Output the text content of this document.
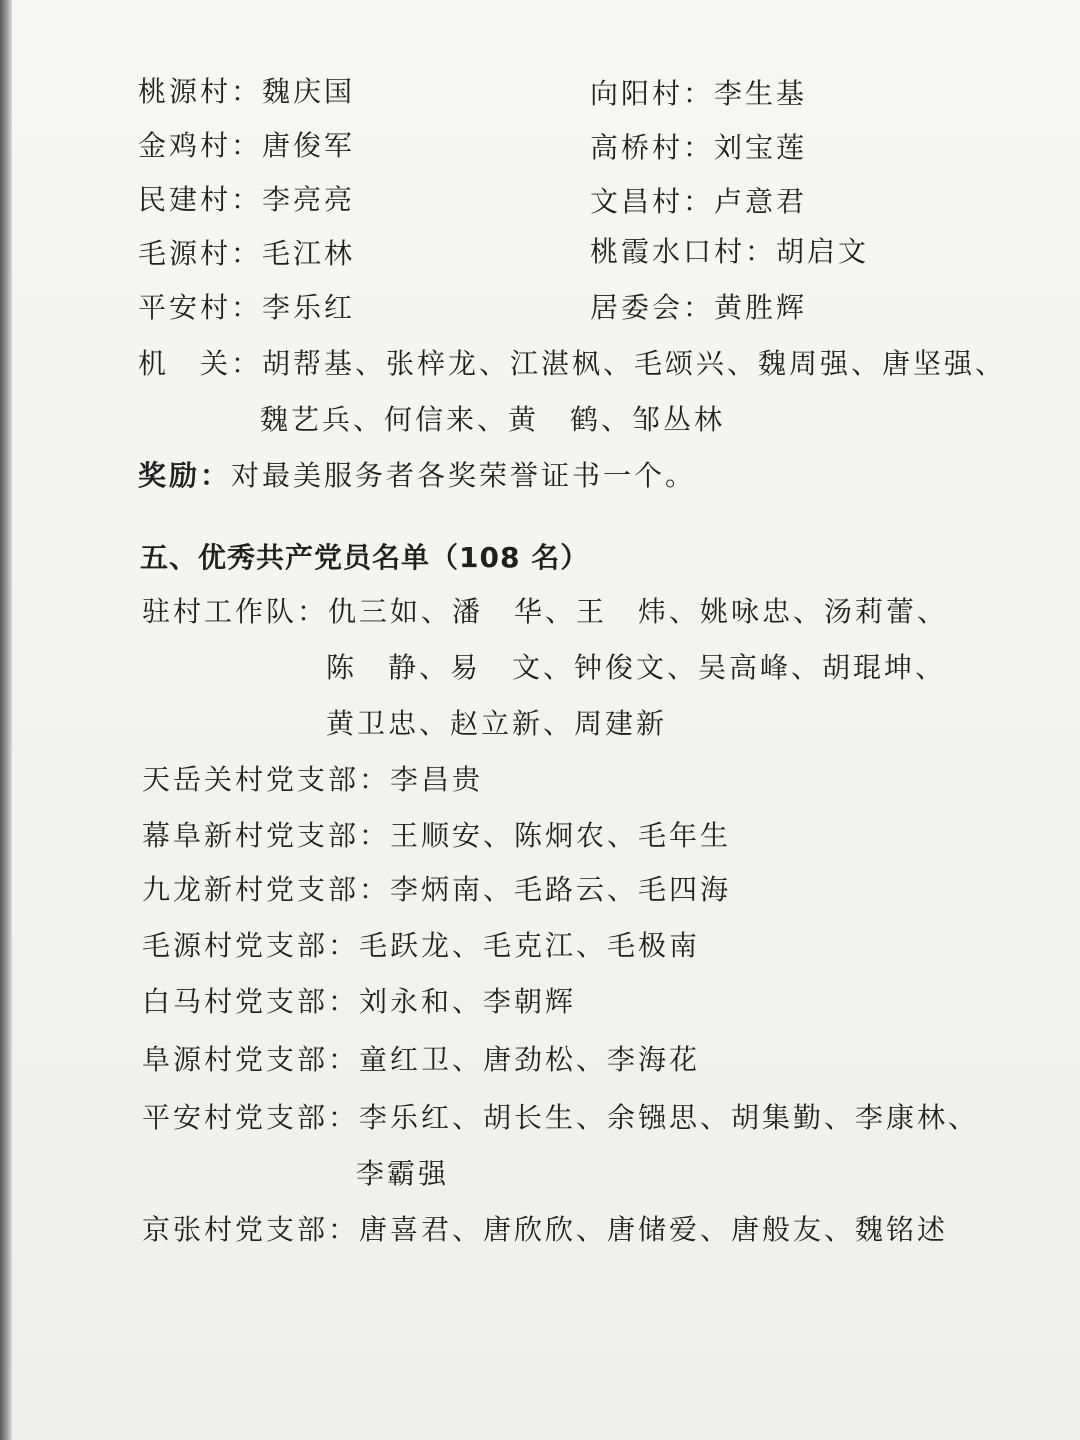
桃源村：魏庆国
金鸡村：唐俊军
民建村：李亮亮
毛源村：毛江林
平安村：李乐红
向阳村：李生基
高桥村：刘宝莲
文昌村：卢意君
桃霞水口村：胡启文
居委会：黄胜辉
机　关：胡帮基、张梓龙、江湛枫、毛颂兴、魏周强、唐坚强、
魏艺兵、何信来、黄　鹤、邹丛林
奖励：对最美服务者各奖荣誉证书一个。
五、优秀共产党员名单（108 名）
驻村工作队：仇三如、潘　华、王　炜、姚咏忠、汤莉蕾、
陈　静、易　文、钟俊文、吴高峰、胡琨坤、
黄卫忠、赵立新、周建新
天岳关村党支部：李昌贵
幕阜新村党支部：王顺安、陈炯农、毛年生
九龙新村党支部：李炳南、毛路云、毛四海
毛源村党支部：毛跃龙、毛克江、毛极南
白马村党支部：刘永和、李朝辉
阜源村党支部：童红卫、唐劲松、李海花
平安村党支部：李乐红、胡长生、余镪思、胡集勤、李康林、
李霸强
京张村党支部：唐喜君、唐欣欣、唐储爱、唐般友、魏铭述
